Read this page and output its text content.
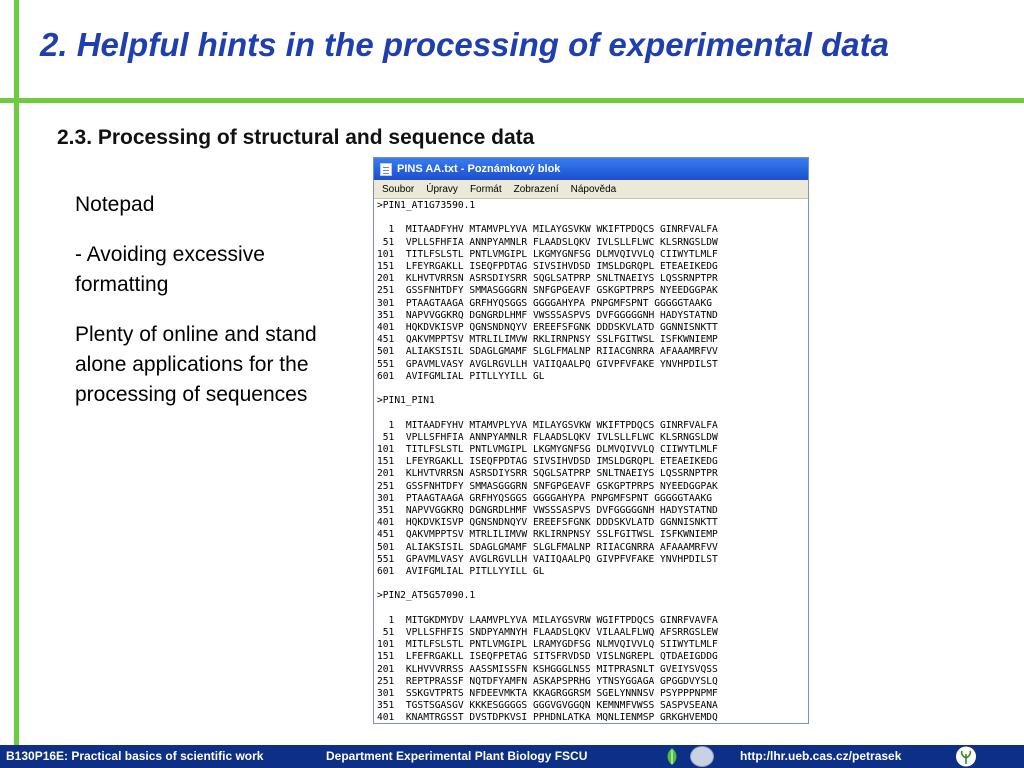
2. Helpful hints in the processing of experimental data
2.3. Processing of structural and sequence data

Notepad

- Avoiding excessive formatting

Plenty of online and stand alone applications for the processing of sequences

PINS AA.txt - Poznámkový blok
Soubor	Úpravy	Formát	Zobrazení	Nápověda
>PIN1_AT1G73590.1
1  MITAADFYHV MTAMVPLYVA MILAYGSVKW WKIFTPDQCS GINRFVALFA
51  VPLLSFHFIA ANNPYAMNLR FLAADSLQKV IVLSLLFLWC KLSRNGSLDW
101  TITLFSLSTL PNTLVMGIPL LKGMYGNFSG DLMVQIVVLQ CIIWYTLMLF
151  LFEYRGAKLL ISEQFPDTAG SIVSIHVDSD IMSLDGRQPL ETEAEIKEDG
201  KLHVTVRRSN ASRSDIYSRR SQGLSATPRP SNLTNAEIYS LQSSRNPTPR
251  GSSFNHTDFY SMMASGGGRN SNFGPGEAVF GSKGPTPRPS NYEEDGGPAK
301  PTAAGTAAGA GRFHYQSGGS GGGGAHYPA PNPGMFSPNT GGGGGTAAKG
351  NAPVVGGKRQ DGNGRDLHMF VWSSSASPVS DVFGGGGGNH HADYSTATND
401  HQKDVKISVP QGNSNDNQYV EREEFSFGNK DDDSKVLATD GGNNISNKTT
451  QAKVMPPTSV MTRLILIMVW RKLIRNPNSY SSLFGITWSL ISFKWNIEMP
501  ALIAKSISIL SDAGLGMAMF SLGLFMALNP RIIACGNRRA AFAAAMRFVV
551  GPAVMLVASY AVGLRGVLLH VAIIQAALPQ GIVPFVFAKE YNVHPDILST
601  AVIFGMLIAL PITLLYYILL GL
>PIN1_PIN1
1  MITAADFYHV MTAMVPLYVA MILAYGSVKW WKIFTPDQCS GINRFVALFA
51  VPLLSFHFIA ANNPYAMNLR FLAADSLQKV IVLSLLFLWC KLSRNGSLDW
101  TITLFSLSTL PNTLVMGIPL LKGMYGNFSG DLMVQIVVLQ CIIWYTLMLF
151  LFEYRGAKLL ISEQFPDTAG SIVSIHVDSD IMSLDGRQPL ETEAEIKEDG
201  KLHVTVRRSN ASRSDIYSRR SQGLSATPRP SNLTNAEIYS LQSSRNPTPR
251  GSSFNHTDFY SMMASGGGRN SNFGPGEAVF GSKGPTPRPS NYEEDGGPAK
301  PTAAGTAAGA GRFHYQSGGS GGGGAHYPA PNPGMFSPNT GGGGGTAAKG
351  NAPVVGGKRQ DGNGRDLHMF VWSSSASPVS DVFGGGGGNH HADYSTATND
401  HQKDVKISVP QGNSNDNQYV EREEFSFGNK DDDSKVLATD GGNNISNKTT
451  QAKVMPPTSV MTRLILIMVW RKLIRNPNSY SSLFGITWSL ISFKWNIEMP
501  ALIAKSISIL SDAGLGMAMF SLGLFMALNP RIIACGNRRA AFAAAMRFVV
551  GPAVMLVASY AVGLRGVLLH VAIIQAALPQ GIVPFVFAKE YNVHPDILST
601  AVIFGMLIAL PITLLYYILL GL
>PIN2_AT5G57090.1
1  MITGKDMYDV LAAMVPLYVA MILAYGSVRW WGIFTPDQCS GINRFVAVFA
51  VPLLSFHFIS SNDPYAMNYH FLAADSLQKV VILAALFLWQ AFSRRGSLEW
101  MITLFSLSTL PNTLVMGIPL LRAMYGDFSG NLMVQIVVLQ SIIWYTLMLF
151  LFEFRGAKLL ISEQFPETAG SITSFRVDSD VISLNGREPL QTDAEIGDDG
201  KLHVVVRRSS AASSMISSFN KSHGGGLNSS MITPRASNLT GVEIYSVQSS
251  REPTPRASSF NQTDFYAMFN ASKAPSPRHG YTNSYGGAGA GPGGDVYSLQ
301  SSKGVTPRTS NFDEEVMKTA KKAGRGGRSM SGELYNNNSV PSYPPPNPMF
351  TGSTSGASGV KKKESGGGGS GGGVGVGGQN KEMNMFVWSS SASPVSEANA
401  KNAMTRGSST DVSTDPKVSI PPHDNLATKA MQNLIENMSP GRKGHVEMDQ
B130P16E: Practical basics of scientific work	Department Experimental Plant Biology FSCU	http:/lhr.ueb.cas.cz/petrasek
